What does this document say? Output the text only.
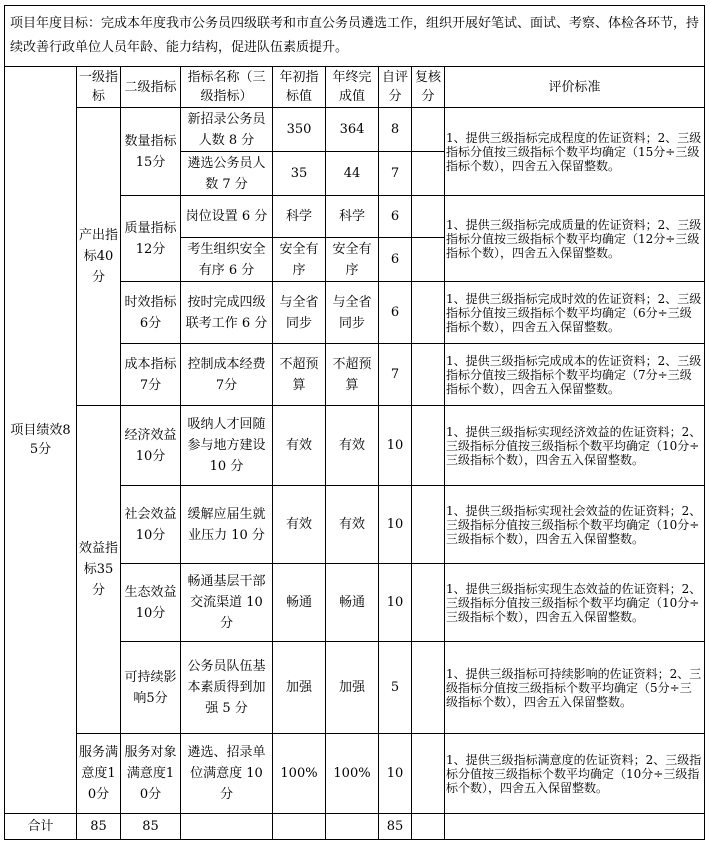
项目年度目标：完成本年度我市公务员四级联考和市直公务员遴选工作，组织开展好笔试、面试、考察、体检各环节，持续改善行政单位人员年龄、能力结构，促进队伍素质提升。								
项目绩效85分	一级指标	二级指标	指标名称（三级指标）	年初指标值	年终完成值	自评分	复核分	评价标准
	产出指标40分	数量指标15分	新招录公务员人数 8 分	350	364	8		1、提供三级指标完成程度的佐证资料；2、三级指标分值按三级指标个数平均确定（15分÷三级指标个数），四舍五入保留整数。
			遴选公务员人数 7 分	35	44	7		
		质量指标12分	岗位设置 6 分	科学	科学	6		1、提供三级指标完成质量的佐证资料；2、三级指标分值按三级指标个数平均确定（12分÷三级指标个数），四舍五入保留整数。
			考生组织安全有序 6 分	安全有序	安全有序	6		
		时效指标6分	按时完成四级联考工作 6 分	与全省同步	与全省同步	6		1、提供三级指标完成时效的佐证资料；2、三级指标分值按三级指标个数平均确定（6分÷三级指标个数），四舍五入保留整数。
		成本指标7分	控制成本经费 7分	不超预算	不超预算	7		1、提供三级指标完成成本的佐证资料；2、三级指标分值按三级指标个数平均确定（7分÷三级指标个数），四舍五入保留整数。
	效益指标35分	经济效益10分	吸纳人才回随参与地方建设 10 分	有效	有效	10		1、提供三级指标实现经济效益的佐证资料；2、三级指标分值按三级指标个数平均确定（10分÷三级指标个数），四舍五入保留整数。
		社会效益10分	缓解应届生就业压力 10 分	有效	有效	10		1、提供三级指标实现社会效益的佐证资料；2、三级指标分值按三级指标个数平均确定（10分÷三级指标个数），四舍五入保留整数。
		生态效益10分	畅通基层干部交流渠道 10 分	畅通	畅通	10		1、提供三级指标实现生态效益的佐证资料；2、三级指标分值按三级指标个数平均确定（10分÷三级指标个数），四舍五入保留整数。
		可持续影响5分	公务员队伍基本素质得到加强 5 分	加强	加强	5		1、提供三级指标可持续影响的佐证资料；2、三级指标分值按三级指标个数平均确定（5分÷三级指标个数），四舍五入保留整数。
	服务满意度10分	服务对象满意度10分	遴选、招录单位满意度 10 分	100%	100%	10		1、提供三级指标满意度的佐证资料；2、三级指标分值按三级指标个数平均确定（10分÷三级指标个数），四舍五入保留整数。
合计	85	85				85		
